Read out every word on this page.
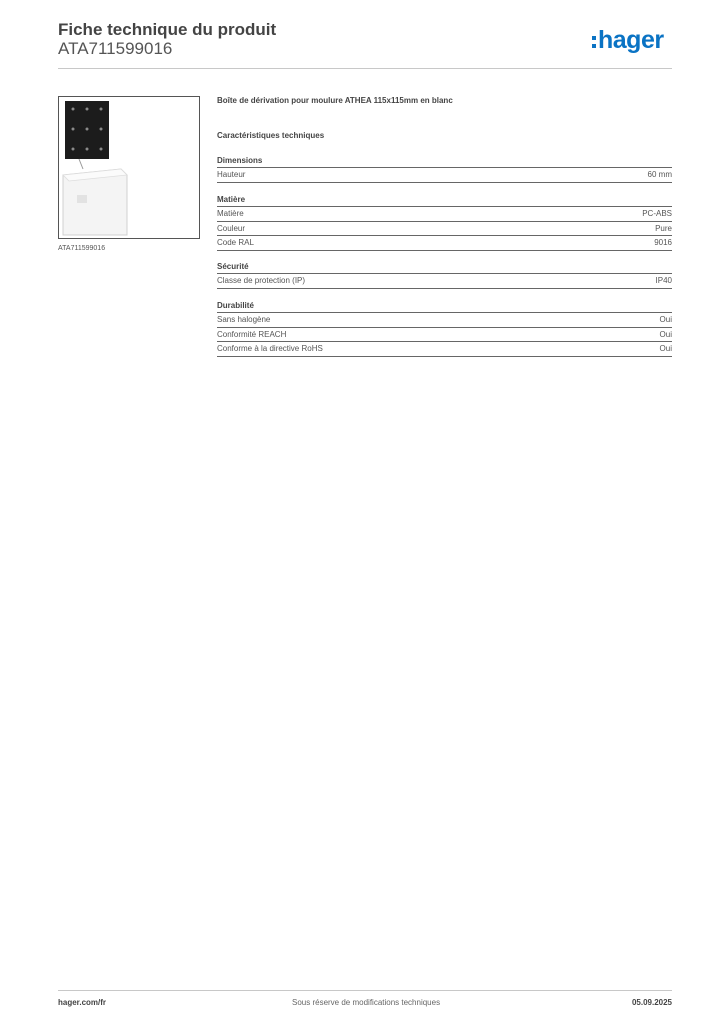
Fiche technique du produit
ATA711599016	hager
ATA711599016
Boîte de dérivation pour moulure ATHEA 115x115mm en blanc
Caractéristiques techniques
Dimensions
Hauteur	60 mm
Matière
Matière	PC-ABS
Couleur	Pure
Code RAL	9016
Sécurité
Classe de protection (IP)	IP40
Durabilité
Sans halogène	Oui
Conformité REACH	Oui
Conforme à la directive RoHS	Oui
hager.com/fr	Sous réserve de modifications techniques	05.09.2025
